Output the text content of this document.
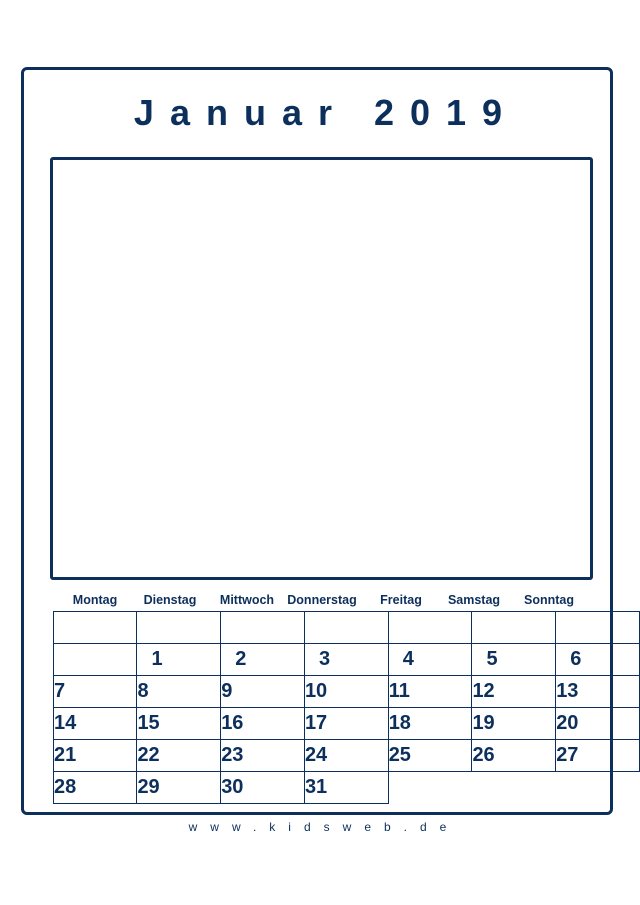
Januar 2019
Montag	Dienstag	Mittwoch	Donnerstag	Freitag	Samstag	Sonntag

	1	2	3	4	5	6
7	8	9	10	11	12	13
14	15	16	17	18	19	20
21	22	23	24	25	26	27
28	29	30	31			
www.kidsweb.de
